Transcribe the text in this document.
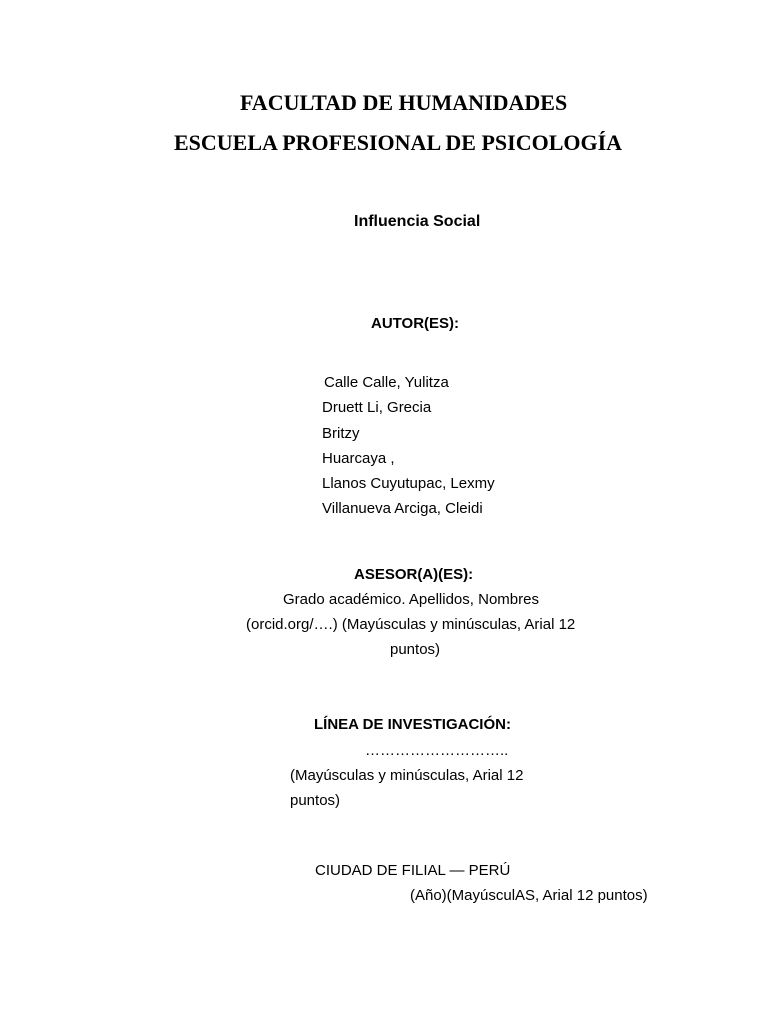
FACULTAD DE HUMANIDADES
ESCUELA PROFESIONAL DE PSICOLOGÍA
Influencia Social
AUTOR(ES):
Calle Calle, Yulitza
Druett Li, Grecia
Britzy
Huarcaya ,
Llanos Cuyutupac, Lexmy
Villanueva Arciga, Cleidi
ASESOR(A)(ES):
Grado académico. Apellidos, Nombres
(orcid.org/….) (Mayúsculas y minúsculas, Arial 12
puntos)
LÍNEA DE INVESTIGACIÓN:
………………………..
(Mayúsculas y minúsculas, Arial 12
puntos)
CIUDAD DE FILIAL — PERÚ
(Año)(MayúsculAS, Arial 12 puntos)
